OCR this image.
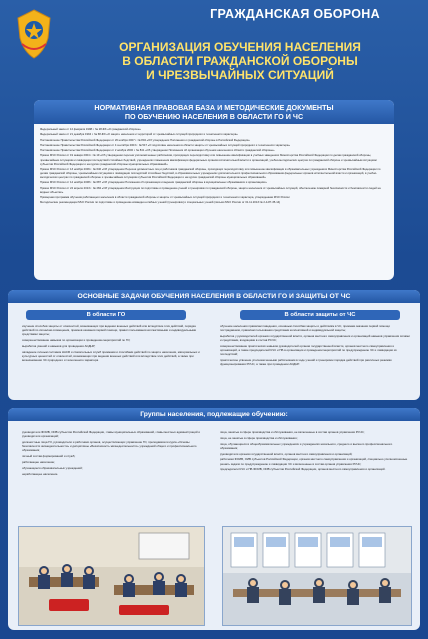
ГРАЖДАНСКАЯ ОБОРОНА
ОРГАНИЗАЦИЯ ОБУЧЕНИЯ НАСЕЛЕНИЯ
В ОБЛАСТИ ГРАЖДАНСКОЙ ОБОРОНЫ
И ЧРЕЗВЫЧАЙНЫХ СИТУАЦИЙ
НОРМАТИВНАЯ ПРАВОВАЯ БАЗА И МЕТОДИЧЕСКИЕ ДОКУМЕНТЫ
ПО ОБУЧЕНИЮ НАСЕЛЕНИЯ В ОБЛАСТИ ГО И ЧС

Федеральный закон от 12 февраля 1998 г. № 28-ФЗ «О гражданской обороне»

Федеральный закон от 21 декабря 1994 г. № 68-ФЗ «О защите населения и территорий от чрезвычайных ситуаций природного и техногенного характера»

Постановление Правительства Российской Федерации от 26 ноября 2007 г. № 804 «Об утверждении Положения о гражданской обороне в Российской Федерации»

Постановление Правительства Российской Федерации от 4 сентября 2003 г. № 547 «О подготовке населения в области защиты от чрезвычайных ситуаций природного и техногенного характера»

Постановление Правительства Российской Федерации от 2 ноября 2000 г. № 841 «Об утверждении Положения об организации обучения населения в области гражданской обороны»

Приказ МЧС России от 19 января 2004 г. № 19 «Об утверждении перечня уполномоченных работников, проходящих переподготовку или повышение квалификации в учебных заведениях Министерства Российской Федерации по делам гражданской обороны, чрезвычайным ситуациям и ликвидации последствий стихийных бедствий, учреждениях повышения квалификации федеральных органов исполнительной власти и организаций, учебно-методических центрах по гражданской обороне и чрезвычайным ситуациям субъектов Российской Федерации и на курсах гражданской обороны муниципальных образований»

Приказ МЧС России от 13 ноября 2006 г. № 646 «Об утверждении Перечня должностных лиц и работников гражданской обороны, проходящих переподготовку или повышение квалификации в образовательных учреждениях Министерства Российской Федерации по делам гражданской обороны, чрезвычайным ситуациям и ликвидации последствий стихийных бедствий, в образовательных учреждениях дополнительного профессионального образования федеральных органов исполнительной власти и организаций, в учебно-методических центрах по гражданской обороне и чрезвычайным ситуациям субъектов Российской Федерации и на курсах гражданской обороны муниципальных образований»

Приказ МЧС России от 14 ноября 2008 г. № 687 «Об утверждении Положения об организации и ведении гражданской обороны в муниципальных образованиях и организациях»

Приказ МЧС России от 24 апреля 2013 г. № 284 «Об утверждении Инструкции по подготовке и проведению учений и тренировок по гражданской обороне, защите населения от чрезвычайных ситуаций, обеспечению пожарной безопасности и безопасности людей на водных объектах»

Примерная программа обучения работающего населения в области гражданской обороны и защиты от чрезвычайных ситуаций природного и техногенного характера, утвержденная МЧС России

Методические рекомендации МЧС России по подготовке и проведению командно-штабных учений (тренировок) и специальных учений (письмо МЧС России от 01.11.2013 № 2-4-87-35-14)

ОСНОВНЫЕ ЗАДАЧИ ОБУЧЕНИЯ НАСЕЛЕНИЯ В ОБЛАСТИ ГО И ЗАЩИТЫ ОТ ЧС
В области ГО

изучение способов защиты от опасностей, возникающих при ведении военных действий или вследствие этих действий, порядка действий по сигналам оповещения, приемов оказания первой помощи, правил пользования коллективными и индивидуальными средствами защиты;

совершенствование навыков по организации и проведению мероприятий по ГО;

выработка умений и навыков для проведения АСДНР;

овладение личным составом НАСФ и спасательных служб приемами и способами действий по защите населения, материальных и культурных ценностей от опасностей, возникающих при ведении военных действий или вследствие этих действий, а также при возникновении ЧС природного и техногенного характера

В области защиты от ЧС

обучение населения правилам поведения, основным способам защиты и действиям в ЧС, приемам оказания первой помощи пострадавшим, правилам пользования средствами коллективной и индивидуальной защиты;

выработка у руководителей органов государственной власти, органов местного самоуправления и организаций навыков управления силами и средствами, входящими в состав РСЧС;

совершенствование практических навыков руководителей органов государственной власти, органов местного самоуправления и организаций, а также председателей КЧС и ПБ в организации и проведении мероприятий по предупреждению ЧС и ликвидации их последствий;

практическое усвоение уполномоченными работниками в ходе учений и тренировок порядка действий при различных режимах функционирования РСЧС, а также при проведении АСДНР.

Группы населения, подлежащие обучению:

руководители ФОИВ, ОИВ субъектов Российской Федерации, главы муниципальных образований, главы местных администраций и руководители организаций;

должностные лица ГО, руководители и работники органов, осуществляющих управление ГО, преподаватели курса «Основы безопасности жизнедеятельности» и дисциплины «Безопасность жизнедеятельности» учреждений общего и профессионального образования;

личный состав формирований и служб;

работающее население;

обучающиеся образовательных учреждений;

неработающее население.

лица, занятые в сфере производства и обслуживания, не включенные в состав органов управления РСЧС;

лица, не занятые в сфере производства и обслуживания;

лица, обучающиеся в общеобразовательных учреждениях и учреждениях начального, среднего и высшего профессионального образования;

руководители органов государственной власти, органов местного самоуправления и организаций;

работники ФОИВ, ОИВ субъектов Российской Федерации, органов местного самоуправления и организаций, специально уполномоченные решать задачи по предупреждению и ликвидации ЧС и включенные в состав органов управления РСЧС;

председатели КЧС и ПБ ФОИВ, ОИВ субъектов Российской Федерации, органов местного самоуправления и организаций.
